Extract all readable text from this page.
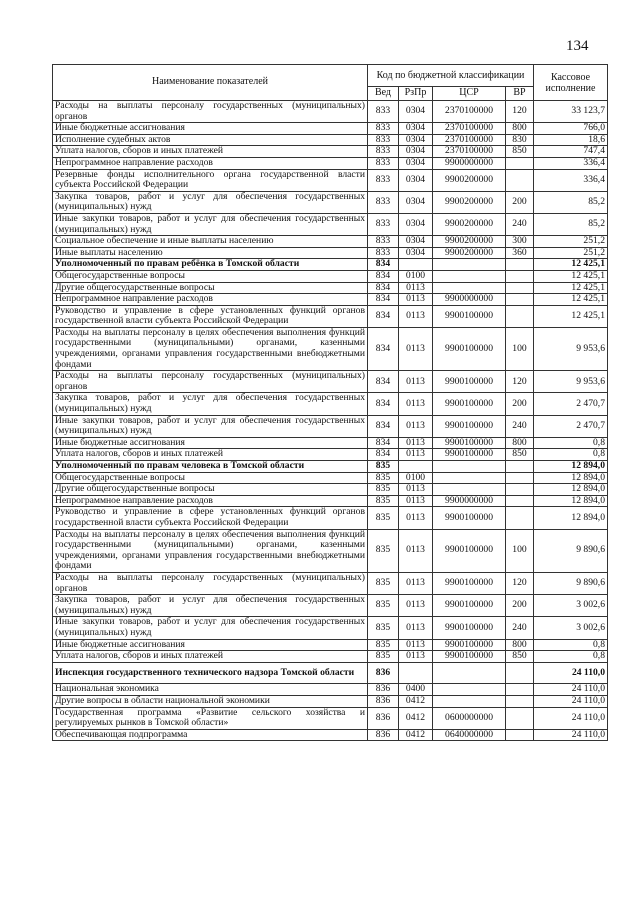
134
Наименование показателей	Код по бюджетной классификации				Кассовое исполнение
	Вед	РзПр	ЦСР	ВР	
Расходы на выплаты персоналу государственных (муниципальных) органов	833	0304	2370100000	120	33 123,7
Иные бюджетные ассигнования	833	0304	2370100000	800	766,0
Исполнение судебных актов	833	0304	2370100000	830	18,6
Уплата налогов, сборов и иных платежей	833	0304	2370100000	850	747,4
Непрограммное направление расходов	833	0304	9900000000		336,4
Резервные фонды исполнительного органа государственной власти субъекта Российской Федерации	833	0304	9900200000		336,4
Закупка товаров, работ и услуг для обеспечения государственных (муниципальных) нужд	833	0304	9900200000	200	85,2
Иные закупки товаров, работ и услуг для обеспечения государственных (муниципальных) нужд	833	0304	9900200000	240	85,2
Социальное обеспечение и иные выплаты населению	833	0304	9900200000	300	251,2
Иные выплаты населению	833	0304	9900200000	360	251,2
Уполномоченный по правам ребёнка в Томской области	834				12 425,1
Общегосударственные вопросы	834	0100			12 425,1
Другие общегосударственные вопросы	834	0113			12 425,1
Непрограммное направление расходов	834	0113	9900000000		12 425,1
Руководство и управление в сфере установленных функций органов государственной власти субъекта Российской Федерации	834	0113	9900100000		12 425,1
Расходы на выплаты персоналу в целях обеспечения выполнения функций государственными (муниципальными) органами, казенными учреждениями, органами управления государственными внебюджетными фондами	834	0113	9900100000	100	9 953,6
Расходы на выплаты персоналу государственных (муниципальных) органов	834	0113	9900100000	120	9 953,6
Закупка товаров, работ и услуг для обеспечения государственных (муниципальных) нужд	834	0113	9900100000	200	2 470,7
Иные закупки товаров, работ и услуг для обеспечения государственных (муниципальных) нужд	834	0113	9900100000	240	2 470,7
Иные бюджетные ассигнования	834	0113	9900100000	800	0,8
Уплата налогов, сборов и иных платежей	834	0113	9900100000	850	0,8
Уполномоченный по правам человека в Томской области	835				12 894,0
Общегосударственные вопросы	835	0100			12 894,0
Другие общегосударственные вопросы	835	0113			12 894,0
Непрограммное направление расходов	835	0113	9900000000		12 894,0
Руководство и управление в сфере установленных функций органов государственной власти субъекта Российской Федерации	835	0113	9900100000		12 894,0
Расходы на выплаты персоналу в целях обеспечения выполнения функций государственными (муниципальными) органами, казенными учреждениями, органами управления государственными внебюджетными фондами	835	0113	9900100000	100	9 890,6
Расходы на выплаты персоналу государственных (муниципальных) органов	835	0113	9900100000	120	9 890,6
Закупка товаров, работ и услуг для обеспечения государственных (муниципальных) нужд	835	0113	9900100000	200	3 002,6
Иные закупки товаров, работ и услуг для обеспечения государственных (муниципальных) нужд	835	0113	9900100000	240	3 002,6
Иные бюджетные ассигнования	835	0113	9900100000	800	0,8
Уплата налогов, сборов и иных платежей	835	0113	9900100000	850	0,8
Инспекция государственного технического надзора Томской области	836				24 110,0
Национальная экономика	836	0400			24 110,0
Другие вопросы в области национальной экономики	836	0412			24 110,0
Государственная программа «Развитие сельского хозяйства и регулируемых рынков в Томской области»	836	0412	0600000000		24 110,0
Обеспечивающая подпрограмма	836	0412	0640000000		24 110,0
